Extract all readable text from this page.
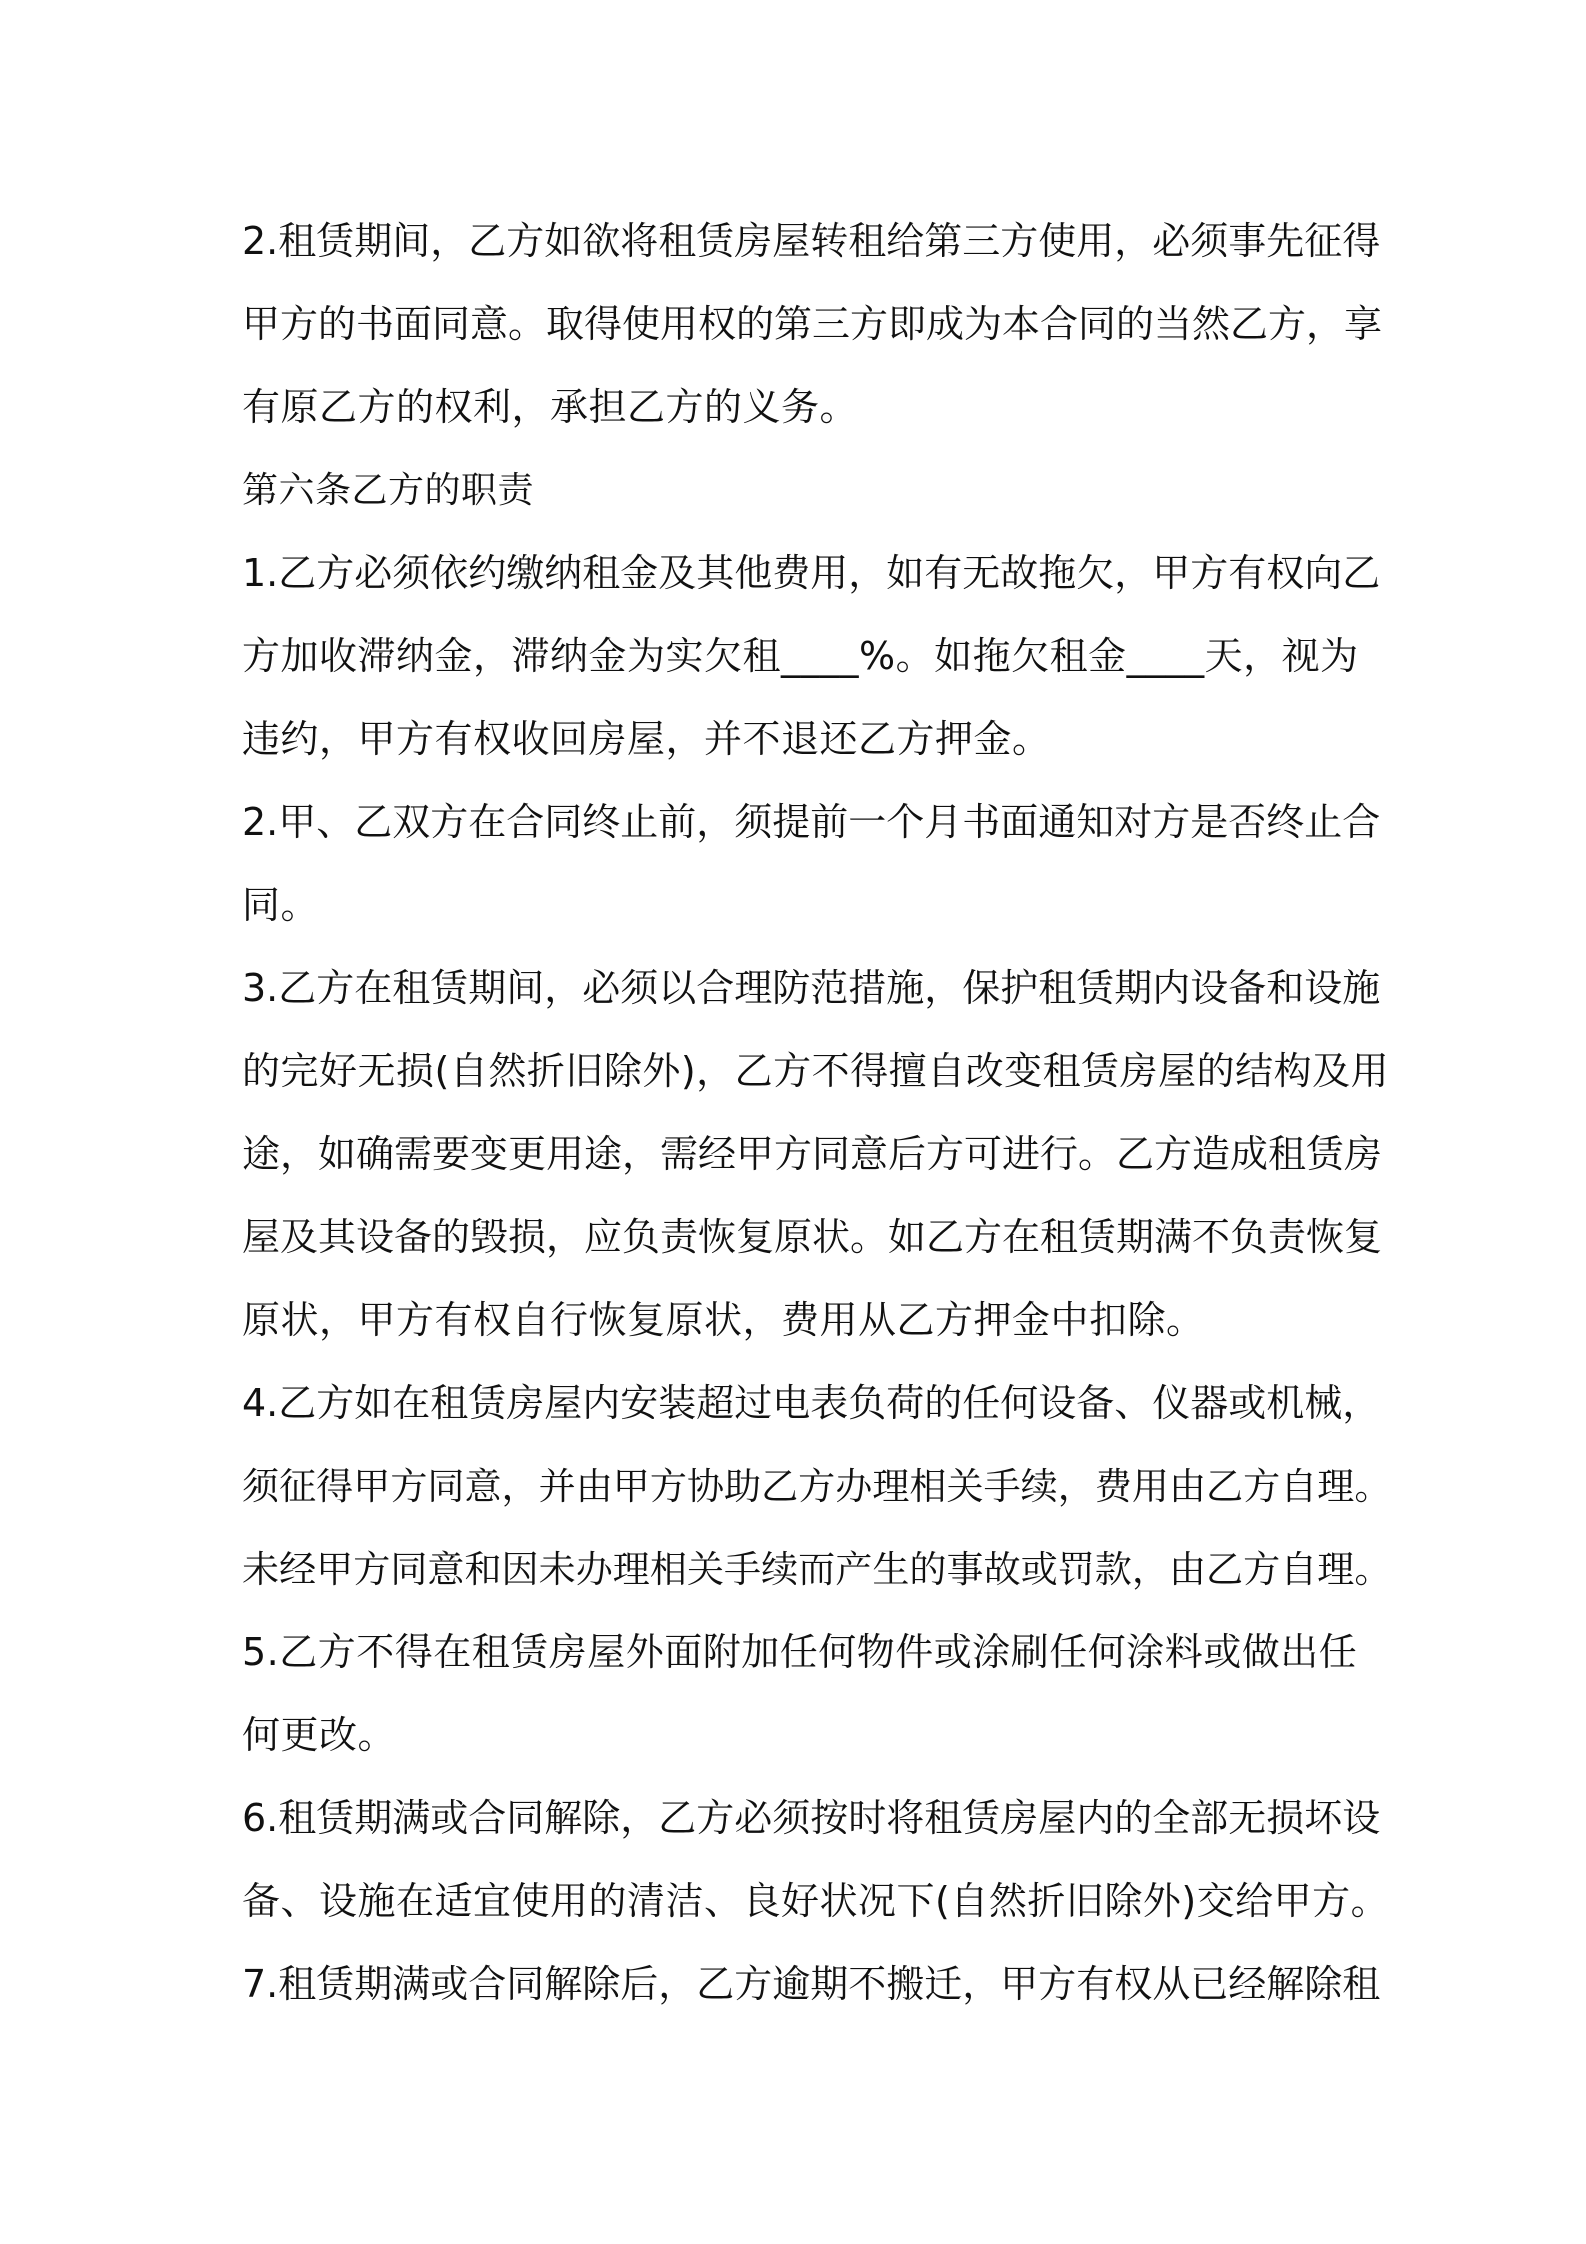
2.租赁期间，乙方如欲将租赁房屋转租给第三方使用，必须事先征得
甲方的书面同意。取得使用权的第三方即成为本合同的当然乙方，享
有原乙方的权利，承担乙方的义务。
第六条乙方的职责
1.乙方必须依约缴纳租金及其他费用，如有无故拖欠，甲方有权向乙
方加收滞纳金，滞纳金为实欠租____%。如拖欠租金____天，视为
违约，甲方有权收回房屋，并不退还乙方押金。
2.甲、乙双方在合同终止前，须提前一个月书面通知对方是否终止合
同。
3.乙方在租赁期间，必须以合理防范措施，保护租赁期内设备和设施
的完好无损(自然折旧除外)，乙方不得擅自改变租赁房屋的结构及用
途，如确需要变更用途，需经甲方同意后方可进行。乙方造成租赁房
屋及其设备的毁损，应负责恢复原状。如乙方在租赁期满不负责恢复
原状，甲方有权自行恢复原状，费用从乙方押金中扣除。
4.乙方如在租赁房屋内安装超过电表负荷的任何设备、仪器或机械，
须征得甲方同意，并由甲方协助乙方办理相关手续，费用由乙方自理。
未经甲方同意和因未办理相关手续而产生的事故或罚款，由乙方自理。
5.乙方不得在租赁房屋外面附加任何物件或涂刷任何涂料或做出任
何更改。
6.租赁期满或合同解除，乙方必须按时将租赁房屋内的全部无损坏设
备、设施在适宜使用的清洁、良好状况下(自然折旧除外)交给甲方。
7.租赁期满或合同解除后，乙方逾期不搬迁，甲方有权从已经解除租
